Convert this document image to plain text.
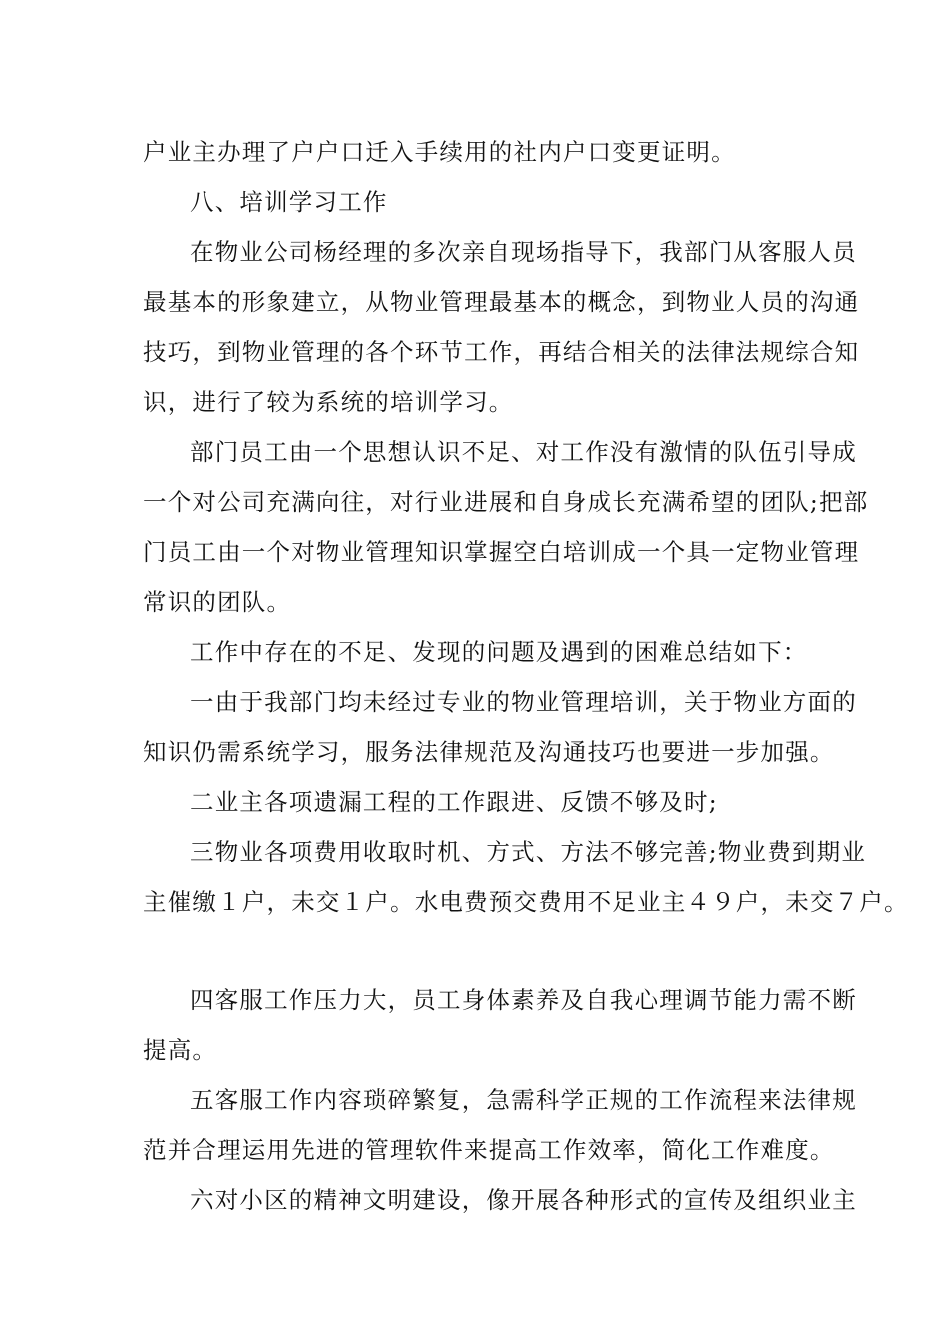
户业主办理了户户口迁入手续用的社内户口变更证明。
八、培训学习工作
在物业公司杨经理的多次亲自现场指导下，我部门从客服人员
最基本的形象建立，从物业管理最基本的概念，到物业人员的沟通
技巧，到物业管理的各个环节工作，再结合相关的法律法规综合知
识，进行了较为系统的培训学习。
部门员工由一个思想认识不足、对工作没有激情的队伍引导成
一个对公司充满向往，对行业进展和自身成长充满希望的团队;把部
门员工由一个对物业管理知识掌握空白培训成一个具一定物业管理
常识的团队。
工作中存在的不足、发现的问题及遇到的困难总结如下：
一由于我部门均未经过专业的物业管理培训，关于物业方面的
知识仍需系统学习，服务法律规范及沟通技巧也要进一步加强。
二业主各项遗漏工程的工作跟进、反馈不够及时;
三物业各项费用收取时机、方式、方法不够完善;物业费到期业
主催缴１户，未交１户。水电费预交费用不足业主４９户，未交７户。
四客服工作压力大，员工身体素养及自我心理调节能力需不断
提高。
五客服工作内容琐碎繁复，急需科学正规的工作流程来法律规
范并合理运用先进的管理软件来提高工作效率，简化工作难度。
六对小区的精神文明建设，像开展各种形式的宣传及组织业主
